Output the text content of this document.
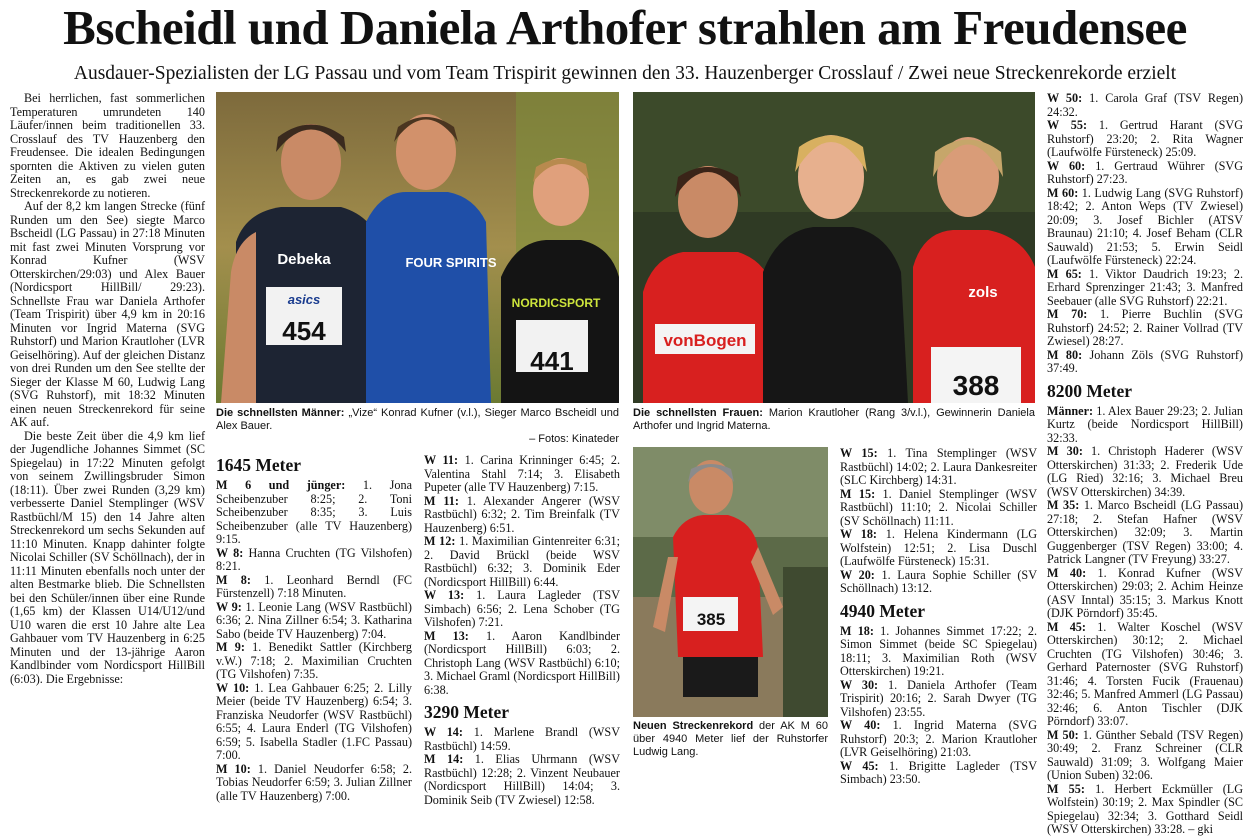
Bscheidl und Daniela Arthofer strahlen am Freudensee
Ausdauer-Spezialisten der LG Passau und vom Team Trispirit gewinnen den 33. Hauzenberger Crosslauf / Zwei neue Streckenrekorde erzielt

Bei herrlichen, fast sommerlichen Temperaturen umrundeten 140 Läufer/innen beim traditionellen 33. Crosslauf des TV Hauzenberg den Freudensee. Die idealen Bedingungen spornten die Aktiven zu vielen guten Zeiten an, es gab zwei neue Streckenrekorde zu notieren.

Auf der 8,2 km langen Strecke (fünf Runden um den See) siegte Marco Bscheidl (LG Passau) in 27:18 Minuten mit fast zwei Minuten Vorsprung vor Konrad Kufner (WSV Otterskirchen/29:03) und Alex Bauer (Nordicsport HillBill/ 29:23). Schnellste Frau war Daniela Arthofer (Team Trispirit) über 4,9 km in 20:16 Minuten vor Ingrid Materna (SVG Ruhstorf) und Marion Krautloher (LVR Geiselhöring). Auf der gleichen Distanz von drei Runden um den See stellte der Sieger der Klasse M 60, Ludwig Lang (SVG Ruhstorf), mit 18:32 Minuten einen neuen Streckenrekord für seine AK auf.

Die beste Zeit über die 4,9 km lief der Jugendliche Johannes Simmet (SC Spiegelau) in 17:22 Minuten gefolgt von seinem Zwillingsbruder Simon (18:11). Über zwei Runden (3,29 km) verbesserte Daniel Stemplinger (WSV Rastbüchl/M 15) den 14 Jahre alten Streckenrekord um sechs Sekunden auf 11:10 Minuten. Knapp dahinter folgte Nicolai Schiller (SV Schöllnach), der in 11:11 Minuten ebenfalls noch unter der alten Bestmarke blieb. Die Schnellsten bei den Schüler/innen über eine Runde (1,65 km) der Klassen U14/U12/und U10 waren die erst 10 Jahre alte Lea Gahbauer vom TV Hauzenberg in 6:25 Minuten und der 13-jährige Aaron Kandlbinder vom Nordicsport HillBill (6:03). Die Ergebnisse:

454
441
Debeka	FOUR SPIRITS
NORDICSPORT
asics
vonBogen
zols
388
Die schnellsten Männer: „Vize“ Konrad Kufner (v.l.), Sieger Marco Bscheidl und Alex Bauer.
– Fotos: Kinateder
Die schnellsten Frauen: Marion Krautloher (Rang 3/v.l.), Gewinnerin Daniela Arthofer und Ingrid Materna.
1645 Meter

M 6 und jünger: 1. Jona Scheibenzuber 8:25; 2. Toni Scheibenzuber 8:35; 3. Luis Scheibenzuber (alle TV Hauzenberg) 9:15.

W 8: Hanna Cruchten (TG Vilshofen) 8:21.

M 8: 1. Leonhard Berndl (FC Fürstenzell) 7:18 Minuten.

W 9: 1. Leonie Lang (WSV Rastbüchl) 6:36; 2. Nina Zillner 6:54; 3. Katharina Sabo (beide TV Hauzenberg) 7:04.

M 9: 1. Benedikt Sattler (Kirchberg v.W.) 7:18; 2. Maximilian Cruchten (TG Vilshofen) 7:35.

W 10: 1. Lea Gahbauer 6:25; 2. Lilly Meier (beide TV Hauzenberg) 6:54; 3. Franziska Neudorfer (WSV Rastbüchl) 6:55; 4. Laura Enderl (TG Vilshofen) 6:59; 5. Isabella Stadler (1.FC Passau) 7:00.

M 10: 1. Daniel Neudorfer 6:58; 2. Tobias Neudorfer 6:59; 3. Julian Zillner (alle TV Hauzenberg) 7:00.

W 11: 1. Carina Krinninger 6:45; 2. Valentina Stahl 7:14; 3. Elisabeth Pupeter (alle TV Hauzenberg) 7:15.

M 11: 1. Alexander Angerer (WSV Rastbüchl) 6:32; 2. Tim Breinfalk (TV Hauzenberg) 6:51.

M 12: 1. Maximilian Gintenreiter 6:31; 2. David Brückl (beide WSV Rastbüchl) 6:32; 3. Dominik Eder (Nordicsport HillBill) 6:44.

W 13: 1. Laura Lagleder (TSV Simbach) 6:56; 2. Lena Schober (TG Vilshofen) 7:21.

M 13: 1. Aaron Kandlbinder (Nordicsport HillBill) 6:03; 2. Christoph Lang (WSV Rastbüchl) 6:10; 3. Michael Graml (Nordicsport HillBill) 6:38.

3290 Meter

W 14: 1. Marlene Brandl (WSV Rastbüchl) 14:59.

M 14: 1. Elias Uhrmann (WSV Rastbüchl) 12:28; 2. Vinzent Neubauer (Nordicsport HillBill) 14:04; 3. Dominik Seib (TV Zwiesel) 12:58.

385
Neuen Streckenrekord der AK M 60 über 4940 Meter lief der Ruhstorfer Ludwig Lang.

W 15: 1. Tina Stemplinger (WSV Rastbüchl) 14:02; 2. Laura Dankesreiter (SLC Kirchberg) 14:31.

M 15: 1. Daniel Stemplinger (WSV Rastbüchl) 11:10; 2. Nicolai Schiller (SV Schöllnach) 11:11.

W 18: 1. Helena Kindermann (LG Wolfstein) 12:51; 2. Lisa Duschl (Laufwölfe Fürsteneck) 15:31.

W 20: 1. Laura Sophie Schiller (SV Schöllnach) 13:12.

4940 Meter

M 18: 1. Johannes Simmet 17:22; 2. Simon Simmet (beide SC Spiegelau) 18:11; 3. Maximilian Roth (WSV Otterskirchen) 19:21.

W 30: 1. Daniela Arthofer (Team Trispirit) 20:16; 2. Sarah Dwyer (TG Vilshofen) 23:55.

W 40: 1. Ingrid Materna (SVG Ruhstorf) 20:3; 2. Marion Krautloher (LVR Geiselhöring) 21:03.

W 45: 1. Brigitte Lagleder (TSV Simbach) 23:50.

W 50: 1. Carola Graf (TSV Regen) 24:32.

W 55: 1. Gertrud Harant (SVG Ruhstorf) 23:20; 2. Rita Wagner (Laufwölfe Fürsteneck) 25:09.

W 60: 1. Gertraud Wührer (SVG Ruhstorf) 27:23.

M 60: 1. Ludwig Lang (SVG Ruhstorf) 18:42; 2. Anton Weps (TV Zwiesel) 20:09; 3. Josef Bichler (ATSV Braunau) 21:10; 4. Josef Beham (CLR Sauwald) 21:53; 5. Erwin Seidl (Laufwölfe Fürsteneck) 22:24.

M 65: 1. Viktor Daudrich 19:23; 2. Erhard Sprenzinger 21:43; 3. Manfred Seebauer (alle SVG Ruhstorf) 22:21.

M 70: 1. Pierre Buchlin (SVG Ruhstorf) 24:52; 2. Rainer Vollrad (TV Zwiesel) 28:27.

M 80: Johann Zöls (SVG Ruhstorf) 37:49.

8200 Meter

Männer: 1. Alex Bauer 29:23; 2. Julian Kurtz (beide Nordicsport HillBill) 32:33.

M 30: 1. Christoph Haderer (WSV Otterskirchen) 31:33; 2. Frederik Ude (LG Ried) 32:16; 3. Michael Breu (WSV Otterskirchen) 34:39.

M 35: 1. Marco Bscheidl (LG Passau) 27:18; 2. Stefan Hafner (WSV Otterskirchen) 32:09; 3. Martin Guggenberger (TSV Regen) 33:00; 4. Patrick Langner (TV Freyung) 33:27.

M 40: 1. Konrad Kufner (WSV Otterskirchen) 29:03; 2. Achim Heinze (ASV Inntal) 35:15; 3. Markus Knott (DJK Pörndorf) 35:45.

M 45: 1. Walter Koschel (WSV Otterskirchen) 30:12; 2. Michael Cruchten (TG Vilshofen) 30:46; 3. Gerhard Paternoster (SVG Ruhstorf) 31:46; 4. Torsten Fucik (Frauenau) 32:46; 5. Manfred Ammerl (LG Passau) 32:46; 6. Anton Tischler (DJK Pörndorf) 33:07.

M 50: 1. Günther Sebald (TSV Regen) 30:49; 2. Franz Schreiner (CLR Sauwald) 31:09; 3. Wolfgang Maier (Union Suben) 32:06.

M 55: 1. Herbert Eckmüller (LG Wolfstein) 30:19; 2. Max Spindler (SC Spiegelau) 32:34; 3. Gotthard Seidl (WSV Otterskirchen) 33:28. – gki
